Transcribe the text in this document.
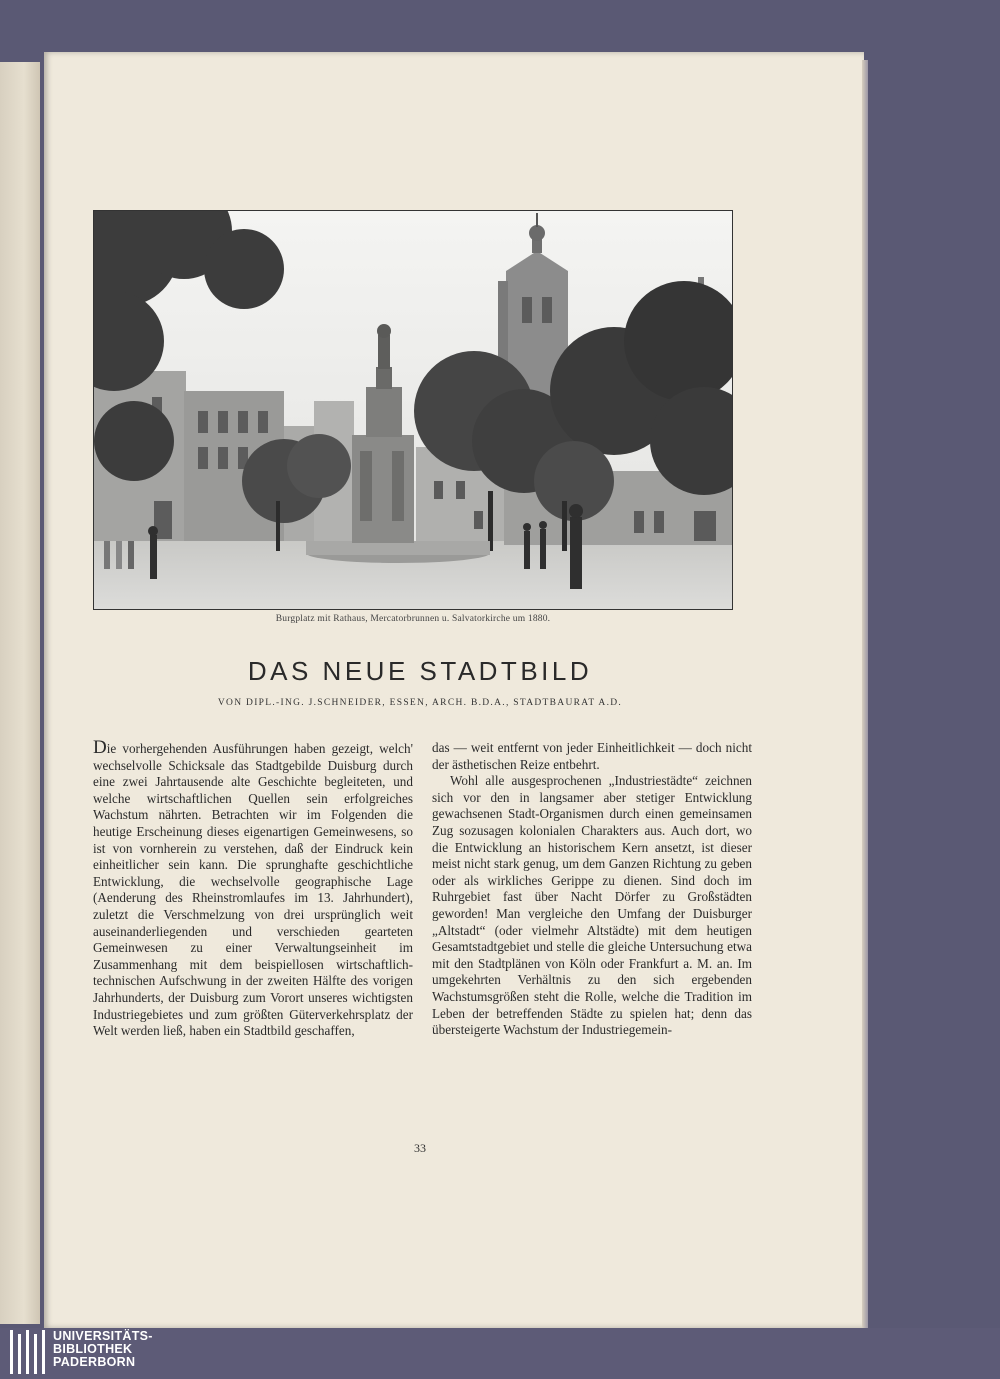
Burgplatz mit Rathaus, Mercatorbrunnen u. Salvatorkirche um 1880.
DAS NEUE STADTBILD
VON DIPL.-ING. J.SCHNEIDER, ESSEN, ARCH. B.D.A., STADTBAURAT A.D.

Die vorhergehenden Ausführungen haben gezeigt, welch' wechselvolle Schicksale das Stadtgebilde Duisburg durch eine zwei Jahrtausende alte Geschichte begleiteten, und welche wirtschaftlichen Quellen sein erfolgreiches Wachstum nährten. Betrachten wir im Folgenden die heutige Erscheinung dieses eigenartigen Gemeinwesens, so ist von vornherein zu verstehen, daß der Eindruck kein einheitlicher sein kann. Die sprunghafte geschichtliche Entwicklung, die wechselvolle geographische Lage (Aenderung des Rheinstromlaufes im 13. Jahrhundert), zuletzt die Verschmelzung von drei ursprünglich weit auseinanderliegenden und verschieden gearteten Gemeinwesen zu einer Verwaltungseinheit im Zusammenhang mit dem beispiellosen wirtschaftlich-technischen Aufschwung in der zweiten Hälfte des vorigen Jahrhunderts, der Duisburg zum Vorort unseres wichtigsten Industriegebietes und zum größten Güterverkehrsplatz der Welt werden ließ, haben ein Stadtbild geschaffen,

das — weit entfernt von jeder Einheitlichkeit — doch nicht der ästhetischen Reize entbehrt.

Wohl alle ausgesprochenen „Industriestädte“ zeichnen sich vor den in langsamer aber stetiger Entwicklung gewachsenen Stadt-Organismen durch einen gemeinsamen Zug sozusagen kolonialen Charakters aus. Auch dort, wo die Entwicklung an historischem Kern ansetzt, ist dieser meist nicht stark genug, um dem Ganzen Richtung zu geben oder als wirkliches Gerippe zu dienen. Sind doch im Ruhrgebiet fast über Nacht Dörfer zu Großstädten geworden! Man vergleiche den Umfang der Duisburger „Altstadt“ (oder vielmehr Altstädte) mit dem heutigen Gesamtstadtgebiet und stelle die gleiche Untersuchung etwa mit den Stadtplänen von Köln oder Frankfurt a. M. an. Im umgekehrten Verhältnis zu den sich ergebenden Wachstumsgrößen steht die Rolle, welche die Tradition im Leben der betreffenden Städte zu spielen hat; denn das übersteigerte Wachstum der Industriegemein-

33
UNIVERSITÄTS-
BIBLIOTHEK
PADERBORN
